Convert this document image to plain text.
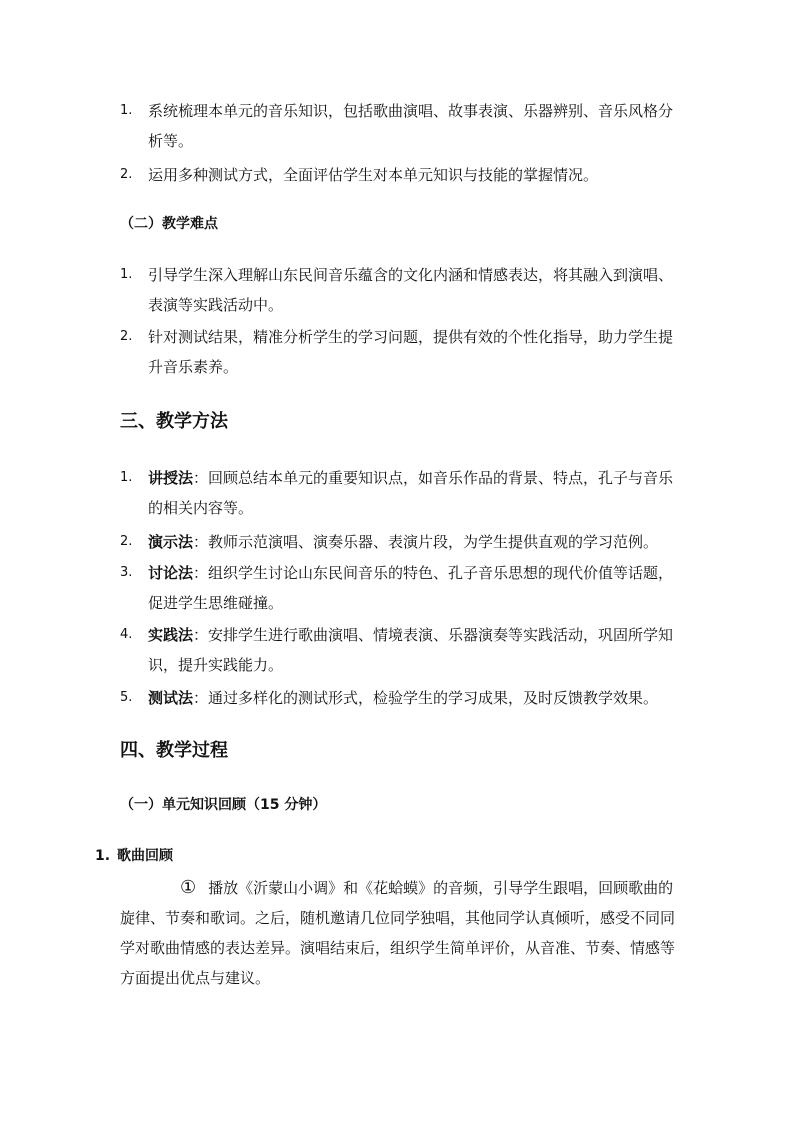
1. 系统梳理本单元的音乐知识，包括歌曲演唱、故事表演、乐器辨别、音乐风格分析等。
2. 运用多种测试方式，全面评估学生对本单元知识与技能的掌握情况。
（二）教学难点
1. 引导学生深入理解山东民间音乐蕴含的文化内涵和情感表达，将其融入到演唱、表演等实践活动中。
2. 针对测试结果，精准分析学生的学习问题，提供有效的个性化指导，助力学生提升音乐素养。
三、教学方法
1. 讲授法：回顾总结本单元的重要知识点，如音乐作品的背景、特点，孔子与音乐的相关内容等。
2. 演示法：教师示范演唱、演奏乐器、表演片段，为学生提供直观的学习范例。
3. 讨论法：组织学生讨论山东民间音乐的特色、孔子音乐思想的现代价值等话题，促进学生思维碰撞。
4. 实践法：安排学生进行歌曲演唱、情境表演、乐器演奏等实践活动，巩固所学知识，提升实践能力。
5. 测试法：通过多样化的测试形式，检验学生的学习成果，及时反馈教学效果。
四、教学过程
（一）单元知识回顾（15 分钟）
1. 歌曲回顾
① 播放《沂蒙山小调》和《花蛤蟆》的音频，引导学生跟唱，回顾歌曲的旋律、节奏和歌词。之后，随机邀请几位同学独唱，其他同学认真倾听，感受不同同学对歌曲情感的表达差异。演唱结束后，组织学生简单评价，从音准、节奏、情感等方面提出优点与建议。
